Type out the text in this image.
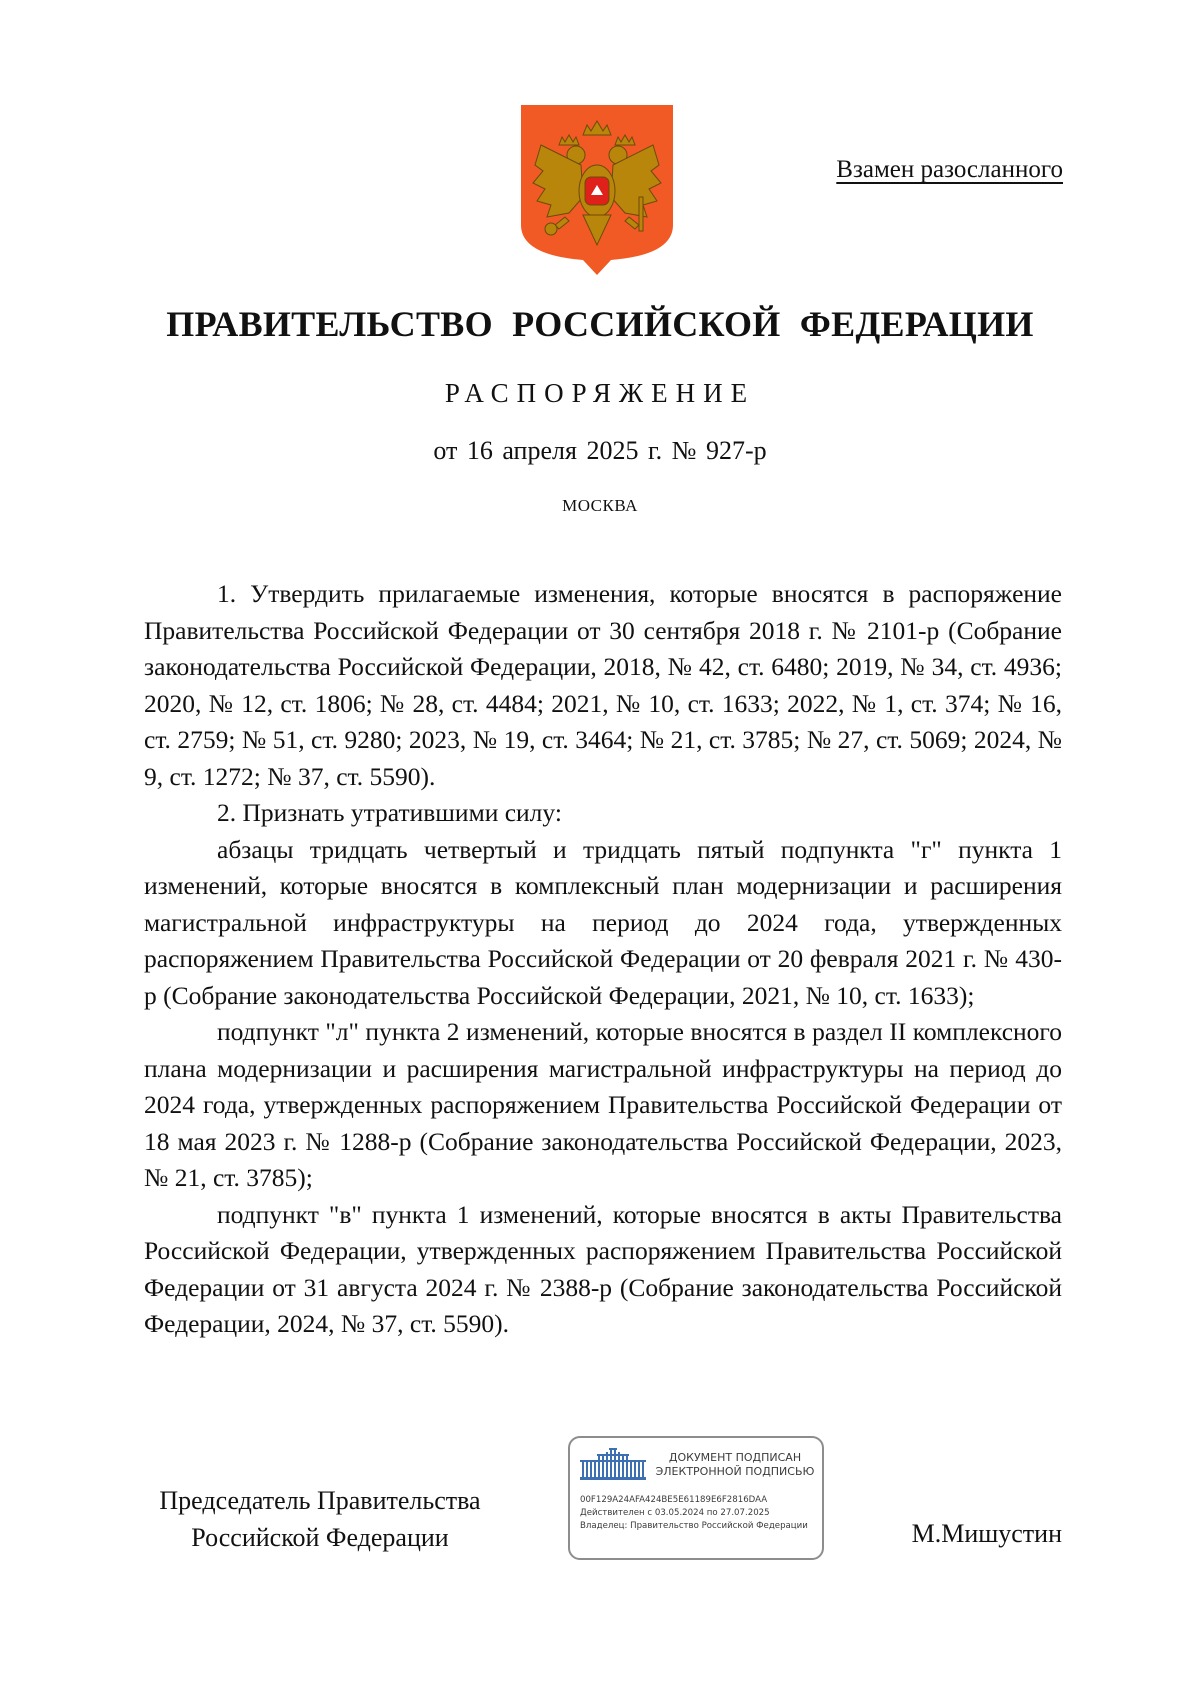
Взамен разосланного
ПРАВИТЕЛЬСТВО РОССИЙСКОЙ ФЕДЕРАЦИИ
РАСПОРЯЖЕНИЕ
от 16 апреля 2025 г. № 927-р
МОСКВА

1. Утвердить прилагаемые изменения, которые вносятся в распоряжение Правительства Российской Федерации от 30 сентября 2018 г. № 2101-р (Собрание законодательства Российской Федерации, 2018, № 42, ст. 6480; 2019, № 34, ст. 4936; 2020, № 12, ст. 1806; № 28, ст. 4484; 2021, № 10, ст. 1633; 2022, № 1, ст. 374; № 16, ст. 2759; № 51, ст. 9280; 2023, № 19, ст. 3464; № 21, ст. 3785; № 27, ст. 5069; 2024, № 9, ст. 1272; № 37, ст. 5590).

2. Признать утратившими силу:

абзацы тридцать четвертый и тридцать пятый подпункта "г" пункта 1 изменений, которые вносятся в комплексный план модернизации и расширения магистральной инфраструктуры на период до 2024 года, утвержденных распоряжением Правительства Российской Федерации от 20 февраля 2021 г. № 430-р (Собрание законодательства Российской Федерации, 2021, № 10, ст. 1633);

подпункт "л" пункта 2 изменений, которые вносятся в раздел II комплексного плана модернизации и расширения магистральной инфраструктуры на период до 2024 года, утвержденных распоряжением Правительства Российской Федерации от 18 мая 2023 г. № 1288-р (Собрание законодательства Российской Федерации, 2023, № 21, ст. 3785);

подпункт "в" пункта 1 изменений, которые вносятся в акты Правительства Российской Федерации, утвержденных распоряжением Правительства Российской Федерации от 31 августа 2024 г. № 2388-р (Собрание законодательства Российской Федерации, 2024, № 37, ст. 5590).

Председатель Правительства
Российской Федерации
ДОКУМЕНТ ПОДПИСАН
ЭЛЕКТРОННОЙ ПОДПИСЬЮ
00F129A24AFA424BE5E61189E6F2816DAA
Действителен с 03.05.2024 по 27.07.2025
Владелец: Правительство Российской Федерации	М.Мишустин
